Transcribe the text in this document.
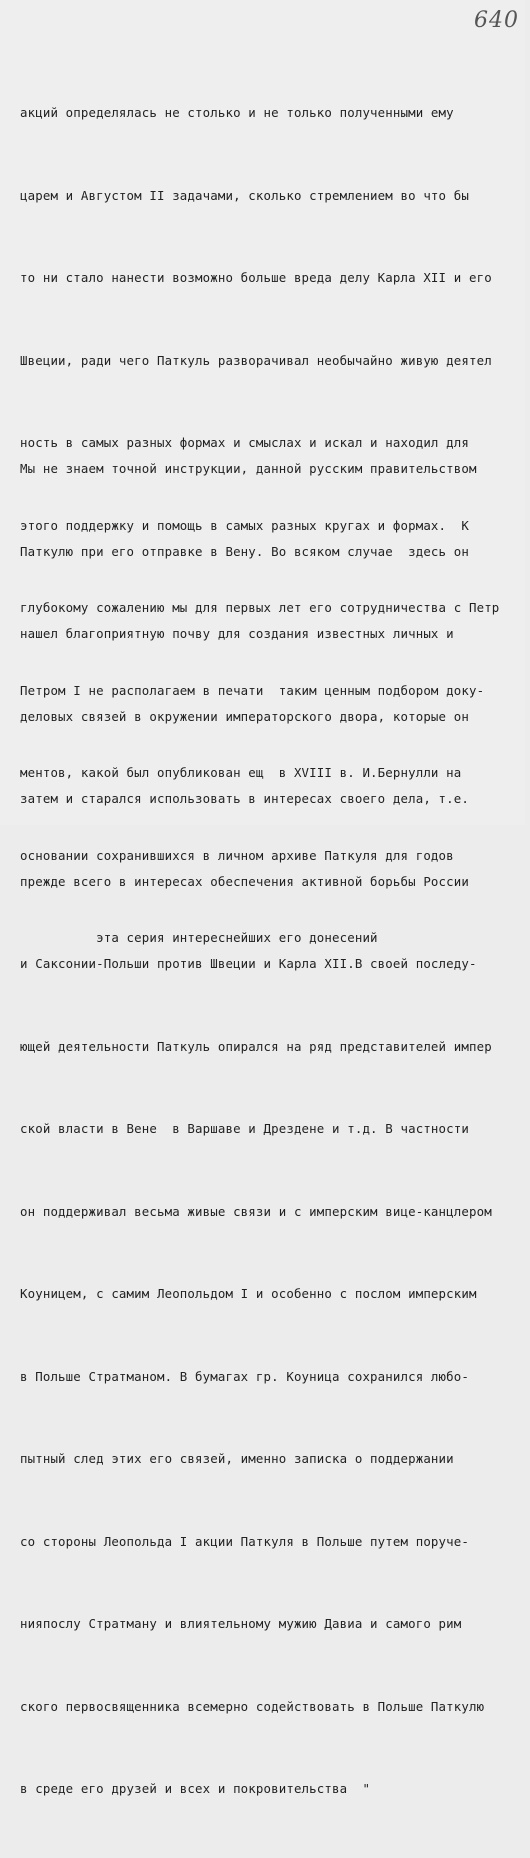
640

акций определялась не столько и не только полученными ему

царем и Августом II задачами, сколько стремлением во что бы

то ни стало нанести возможно больше вреда делу Карла XII и его

Швеции, ради чего Паткуль разворачивал необычайно живую деятел

ность в самых разных формах и смыслах и искал и находил для

этого поддержку и помощь в самых разных кругах и формах.  К

глубокому сожалению мы для первых лет его сотрудничества с Петр

Петром I не располагаем в печати  таким ценным подбором доку-

ментов, какой был опубликован ещ  в XVIII в. И.Бернулли на

основании сохранившихся в личном архиве Паткуля для годов

эта серия интереснейших его донесений

Мы не знаем точной инструкции, данной русским правительством

Паткулю при его отправке в Вену. Во всяком случае  здесь он

нашел благоприятную почву для создания известных личных и

деловых связей в окружении императорского двора, которые он

затем и старался использовать в интересах своего дела, т.е.

прежде всего в интересах обеспечения активной борьбы России

и Саксонии-Польши против Швеции и Карла XII.В своей последу-

ющей деятельности Паткуль опирался на ряд представителей импер

ской власти в Вене  в Варшаве и Дрездене и т.д. В частности

он поддерживал весьма живые связи и с имперским вице-канцлером

Коуницем, с самим Леопольдом I и особенно с послом имперским

в Польше Стратманом. В бумагах гр. Коуница сохранился любо-

пытный след этих его связей, именно записка о поддержании

со стороны Леопольда I акции Паткуля в Польше путем поруче-

нияпослу Стратману и влиятельному мужию Давиа и самого рим

ского первосвященника всемерно содействовать в Польше Паткулю

в среде его друзей и всех и покровительства  "
